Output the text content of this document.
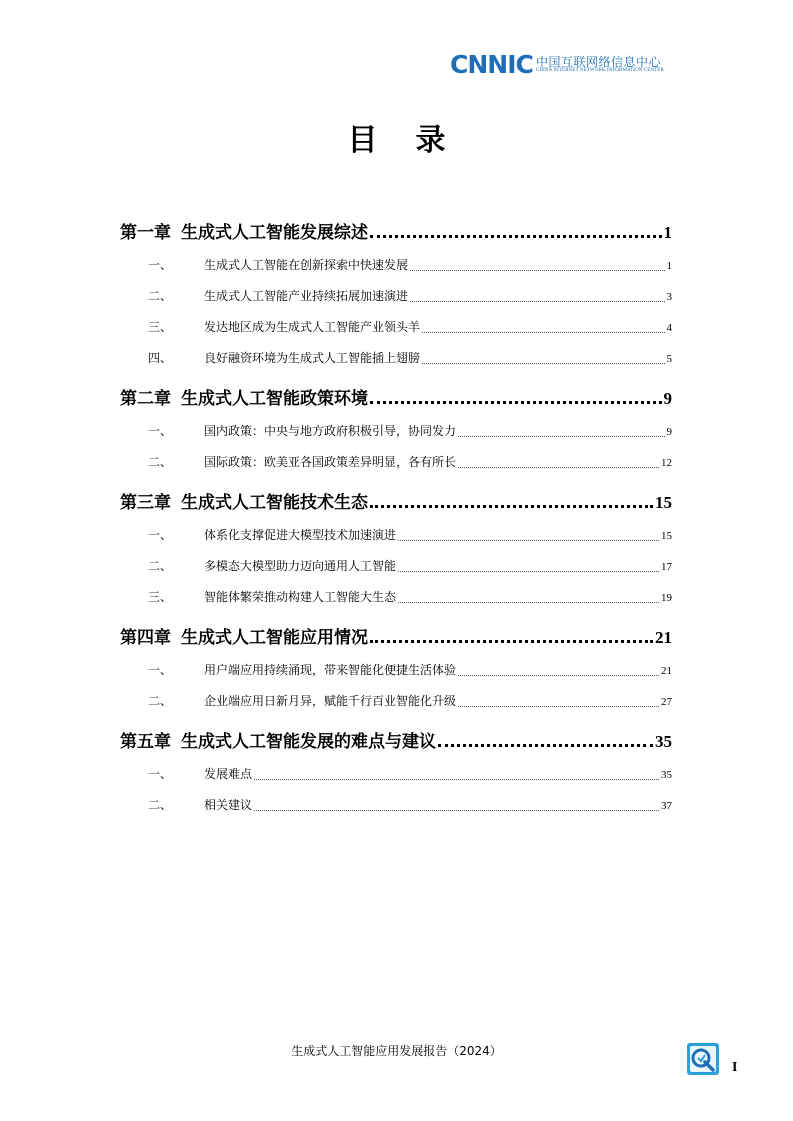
CNNIC 中国互联网络信息中心
CHINA INTERNET NETWORK INFORMATION CENTER
目录
第一章 生成式人工智能发展综述	1
一、	生成式人工智能在创新探索中快速发展	1
二、	生成式人工智能产业持续拓展加速演进	3
三、	发达地区成为生成式人工智能产业领头羊	4
四、	良好融资环境为生成式人工智能插上翅膀	5
第二章 生成式人工智能政策环境	9
一、	国内政策：中央与地方政府积极引导，协同发力	9
二、	国际政策：欧美亚各国政策差异明显，各有所长	12
第三章 生成式人工智能技术生态	15
一、	体系化支撑促进大模型技术加速演进	15
二、	多模态大模型助力迈向通用人工智能	17
三、	智能体繁荣推动构建人工智能大生态	19
第四章 生成式人工智能应用情况	21
一、	用户端应用持续涌现，带来智能化便捷生活体验	21
二、	企业端应用日新月异，赋能千行百业智能化升级	27
第五章 生成式人工智能发展的难点与建议	35
一、	发展难点	35
二、	相关建议	37
生成式人工智能应用发展报告（2024）
I
